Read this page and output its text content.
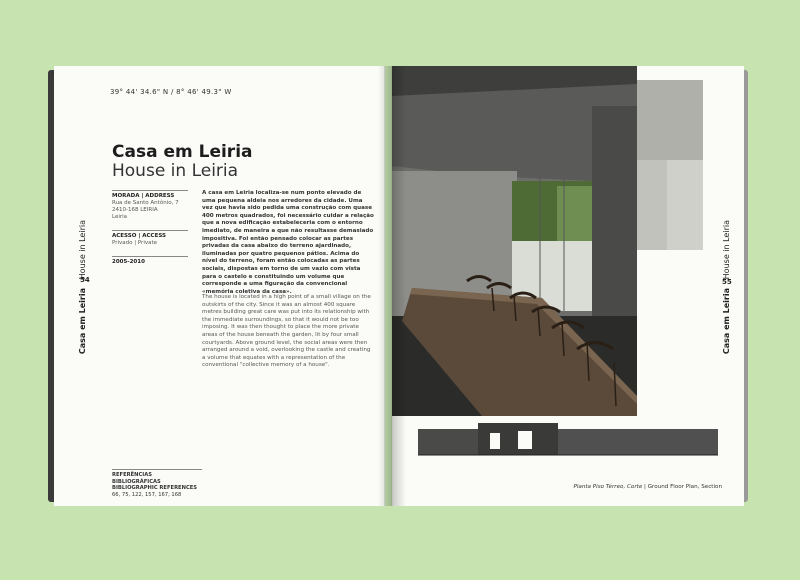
39° 44' 34.6" N / 8° 46' 49.3" W
Casa em Leiria
House in Leiria
MORADA | ADDRESS
Rua de Santo Antônio, 7
2410-168 LEIRIA
Leiria
ACESSO | ACCESS
Privado | Private
2005-2010
A casa em Leiria localiza-se num ponto elevado de uma pequena aldeia nos arredores da cidade. Uma vez que havia sido pedida uma construção com quase 400 metros quadrados, foi necessário cuidar a relação que a nova edificação estabeleceria com o entorno imediato, de maneira a que não resultasse demasiado impositiva. Foi então pensado colocar as partes privadas da casa abaixo do terreno ajardinado, iluminadas por quatro pequenos pátios. Acima do nível do terreno, foram então colocadas as partes sociais, dispostas em torno de um vazio com vista para o castelo e constituindo um volume que corresponde a uma figuração da convencional «memória coletiva da casa».
The house is located in a high point of a small village on the outskirts of the city. Since it was an almost 400 square metres building great care was put into its relationship with the immediate surroundings, so that it would not be too imposing. It was then thought to place the more private areas of the house beneath the garden, lit by four small courtyards. Above ground level, the social areas were then arranged around a void, overlooking the castle and creating a volume that equates with a representation of the conventional "collective memory of a house".
54
House in Leiria
Casa em Leiria
REFERÊNCIAS BIBLIOGRÁFICAS
BIBLIOGRAPHIC REFERENCES
66, 75, 122, 157, 167, 168
Planta Piso Térreo, Corte | Ground Floor Plan, Section
55
House in Leiria
Casa em Leiria
